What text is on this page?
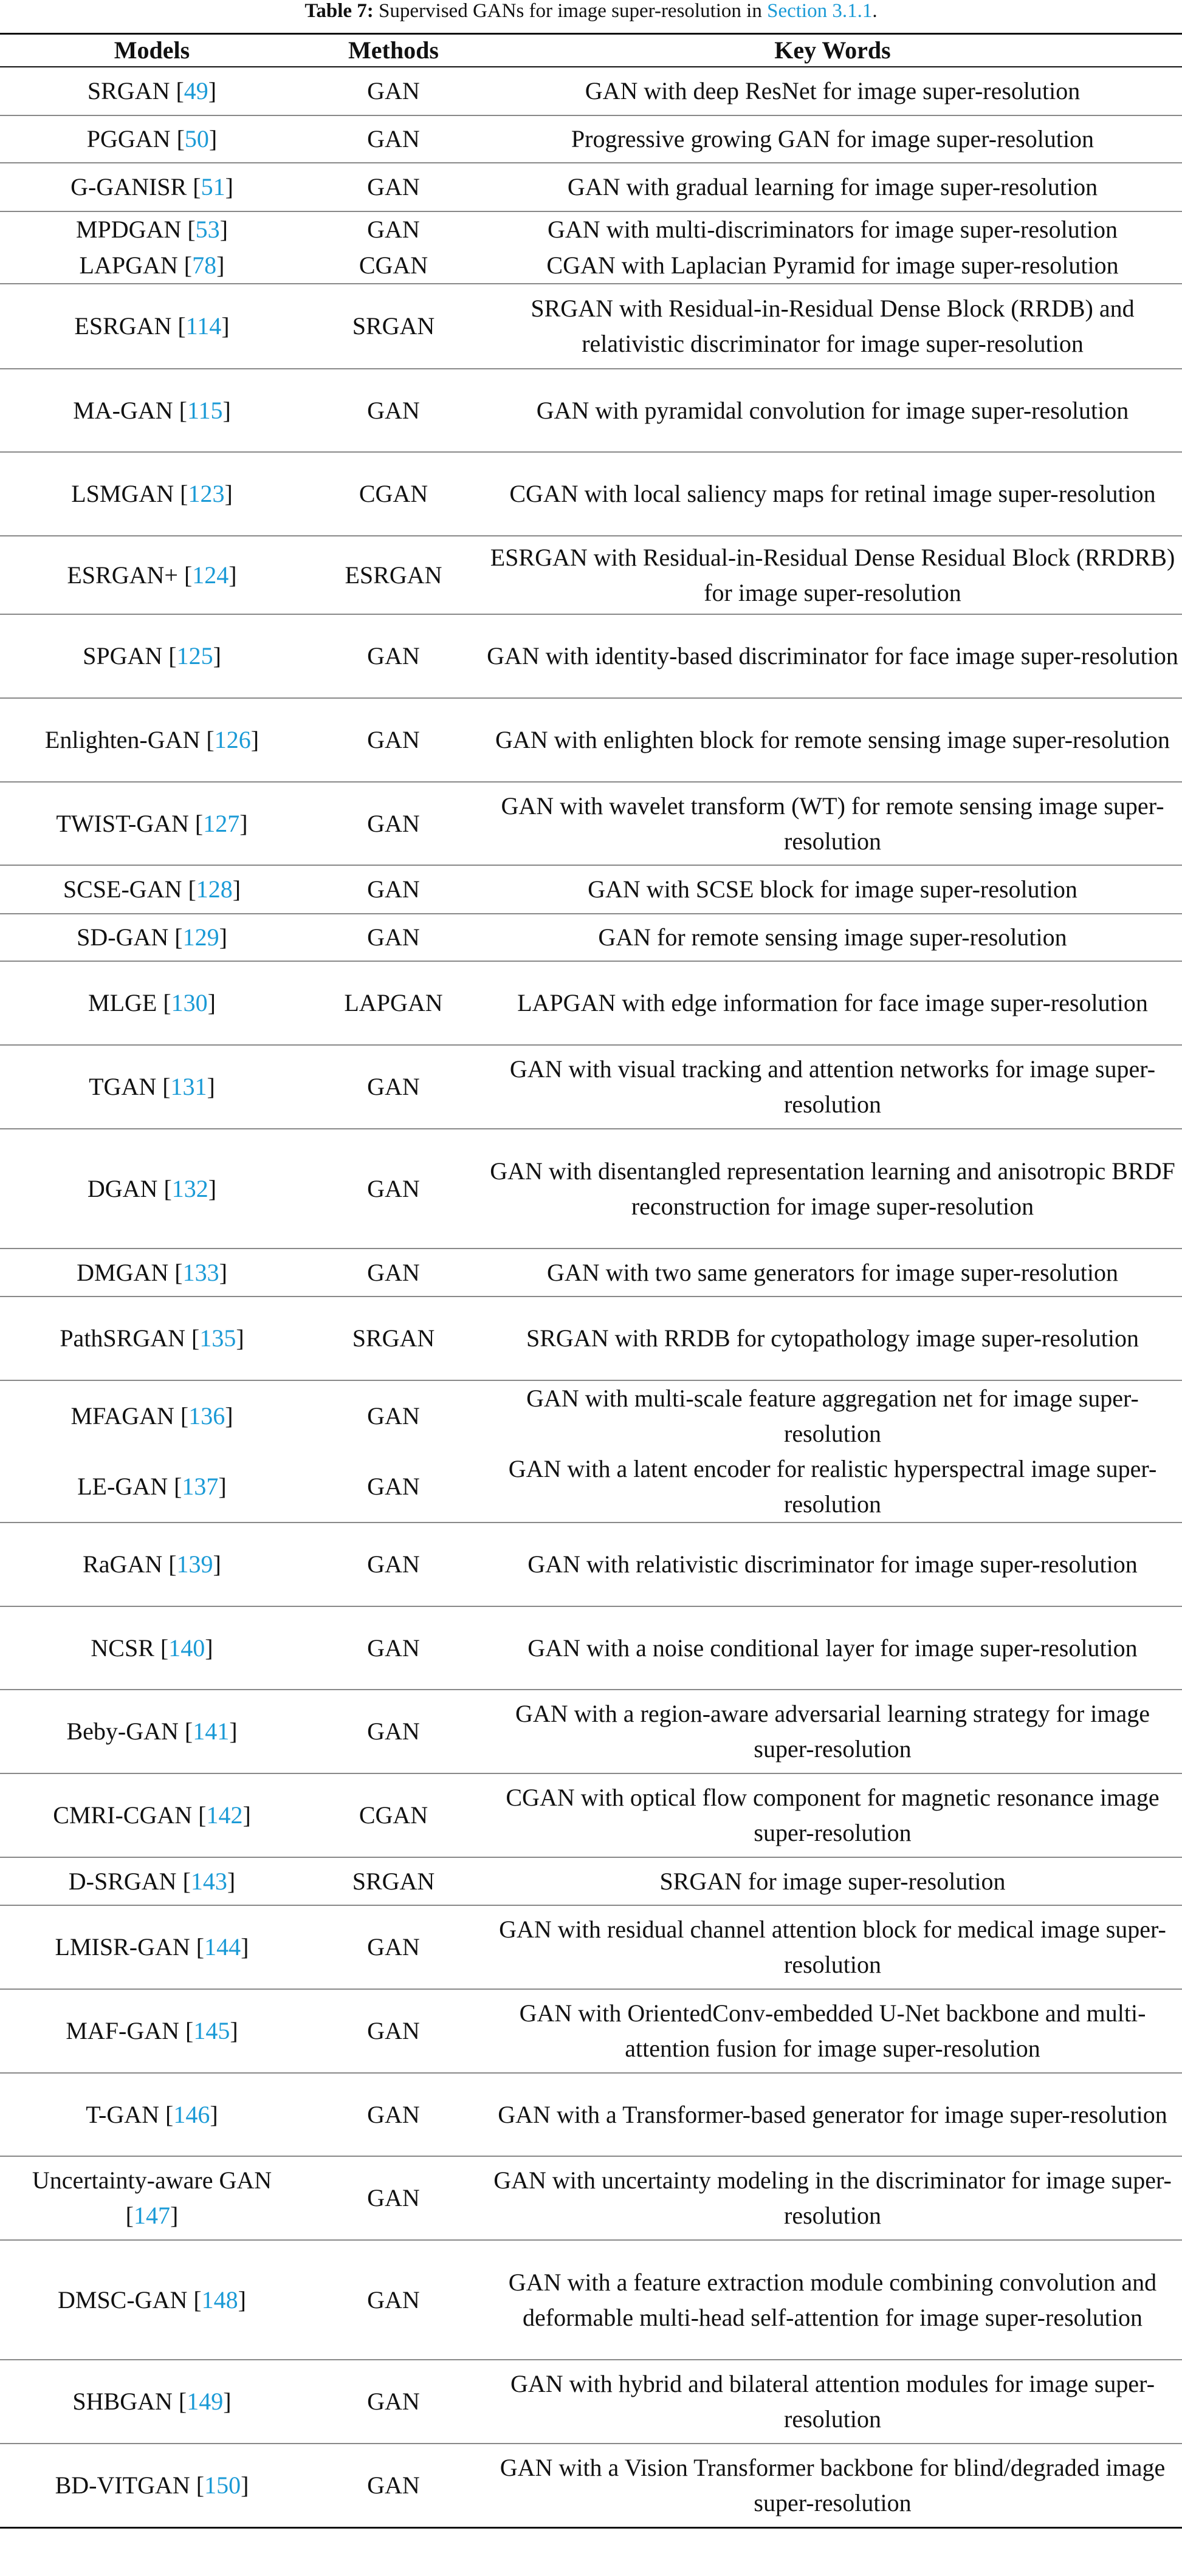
Table 7: Supervised GANs for image super-resolution in Section 3.1.1.
Models	Methods	Key Words
SRGAN [49]	GAN	GAN with deep ResNet for image super-resolution
PGGAN [50]	GAN	Progressive growing GAN for image super-resolution
G-GANISR [51]	GAN	GAN with gradual learning for image super-resolution
MPDGAN [53]	GAN	GAN with multi-discriminators for image super-resolution
LAPGAN [78]	CGAN	CGAN with Laplacian Pyramid for image super-resolution
ESRGAN [114]	SRGAN	SRGAN with Residual-in-Residual Dense Block (RRDB) and relativistic discriminator for image super-resolution
MA-GAN [115]	GAN	GAN with pyramidal convolution for image super-resolution
LSMGAN [123]	CGAN	CGAN with local saliency maps for retinal image super-resolution
ESRGAN+ [124]	ESRGAN	ESRGAN with Residual-in-Residual Dense Residual Block (RRDRB) for image super-resolution
SPGAN [125]	GAN	GAN with identity-based discriminator for face image super-resolution
Enlighten-GAN [126]	GAN	GAN with enlighten block for remote sensing image super-resolution
TWIST-GAN [127]	GAN	GAN with wavelet transform (WT) for remote sensing image super-resolution
SCSE-GAN [128]	GAN	GAN with SCSE block for image super-resolution
SD-GAN [129]	GAN	GAN for remote sensing image super-resolution
MLGE [130]	LAPGAN	LAPGAN with edge information for face image super-resolution
TGAN [131]	GAN	GAN with visual tracking and attention networks for image super-resolution
DGAN [132]	GAN	GAN with disentangled representation learning and anisotropic BRDF reconstruction for image super-resolution
DMGAN [133]	GAN	GAN with two same generators for image super-resolution
PathSRGAN [135]	SRGAN	SRGAN with RRDB for cytopathology image super-resolution
MFAGAN [136]	GAN	GAN with multi-scale feature aggregation net for image super-resolution
LE-GAN [137]	GAN	GAN with a latent encoder for realistic hyperspectral image super-resolution
RaGAN [139]	GAN	GAN with relativistic discriminator for image super-resolution
NCSR [140]	GAN	GAN with a noise conditional layer for image super-resolution
Beby-GAN [141]	GAN	GAN with a region-aware adversarial learning strategy for image super-resolution
CMRI-CGAN [142]	CGAN	CGAN with optical flow component for magnetic resonance image super-resolution
D-SRGAN [143]	SRGAN	SRGAN for image super-resolution
LMISR-GAN [144]	GAN	GAN with residual channel attention block for medical image super-resolution
MAF-GAN [145]	GAN	GAN with OrientedConv-embedded U-Net backbone and multi-attention fusion for image super-resolution
T-GAN [146]	GAN	GAN with a Transformer-based generator for image super-resolution
Uncertainty-aware GAN [147]	GAN	GAN with uncertainty modeling in the discriminator for image super-resolution
DMSC-GAN [148]	GAN	GAN with a feature extraction module combining convolution and deformable multi-head self-attention for image super-resolution
SHBGAN [149]	GAN	GAN with hybrid and bilateral attention modules for image super-resolution
BD-VITGAN [150]	GAN	GAN with a Vision Transformer backbone for blind/degraded image super-resolution
